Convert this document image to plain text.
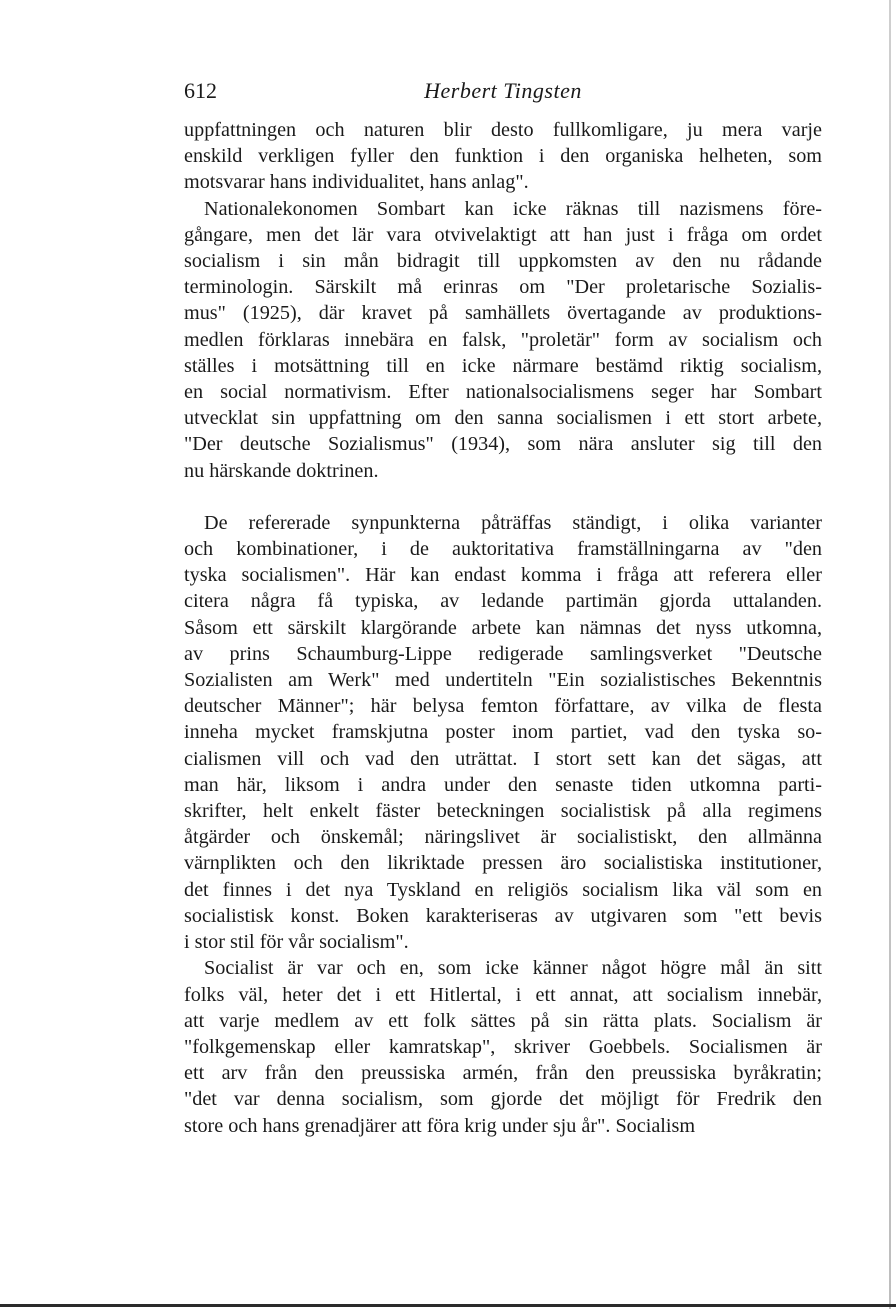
612	Herbert Tingsten
uppfattningen och naturen blir desto fullkomligare, ju mera varje
enskild verkligen fyller den funktion i den organiska helheten, som
motsvarar hans individualitet, hans anlag".
Nationalekonomen Sombart kan icke räknas till nazismens före-
gångare, men det lär vara otvivelaktigt att han just i fråga om ordet
socialism i sin mån bidragit till uppkomsten av den nu rådande
terminologin. Särskilt må erinras om "Der proletarische Sozialis-
mus" (1925), där kravet på samhällets övertagande av produktions-
medlen förklaras innebära en falsk, "proletär" form av socialism och
ställes i motsättning till en icke närmare bestämd riktig socialism,
en social normativism. Efter nationalsocialismens seger har Sombart
utvecklat sin uppfattning om den sanna socialismen i ett stort arbete,
"Der deutsche Sozialismus" (1934), som nära ansluter sig till den
nu härskande doktrinen.
De refererade synpunkterna påträffas ständigt, i olika varianter
och kombinationer, i de auktoritativa framställningarna av "den
tyska socialismen". Här kan endast komma i fråga att referera eller
citera några få typiska, av ledande partimän gjorda uttalanden.
Såsom ett särskilt klargörande arbete kan nämnas det nyss utkomna,
av prins Schaumburg-Lippe redigerade samlingsverket "Deutsche
Sozialisten am Werk" med undertiteln "Ein sozialistisches Bekenntnis
deutscher Männer"; här belysa femton författare, av vilka de flesta
inneha mycket framskjutna poster inom partiet, vad den tyska so-
cialismen vill och vad den uträttat. I stort sett kan det sägas, att
man här, liksom i andra under den senaste tiden utkomna parti-
skrifter, helt enkelt fäster beteckningen socialistisk på alla regimens
åtgärder och önskemål; näringslivet är socialistiskt, den allmänna
värnplikten och den likriktade pressen äro socialistiska institutioner,
det finnes i det nya Tyskland en religiös socialism lika väl som en
socialistisk konst. Boken karakteriseras av utgivaren som "ett bevis
i stor stil för vår socialism".
Socialist är var och en, som icke känner något högre mål än sitt
folks väl, heter det i ett Hitlertal, i ett annat, att socialism innebär,
att varje medlem av ett folk sättes på sin rätta plats. Socialism är
"folkgemenskap eller kamratskap", skriver Goebbels. Socialismen är
ett arv från den preussiska armén, från den preussiska byråkratin;
"det var denna socialism, som gjorde det möjligt för Fredrik den
store och hans grenadjärer att föra krig under sju år". Socialism
